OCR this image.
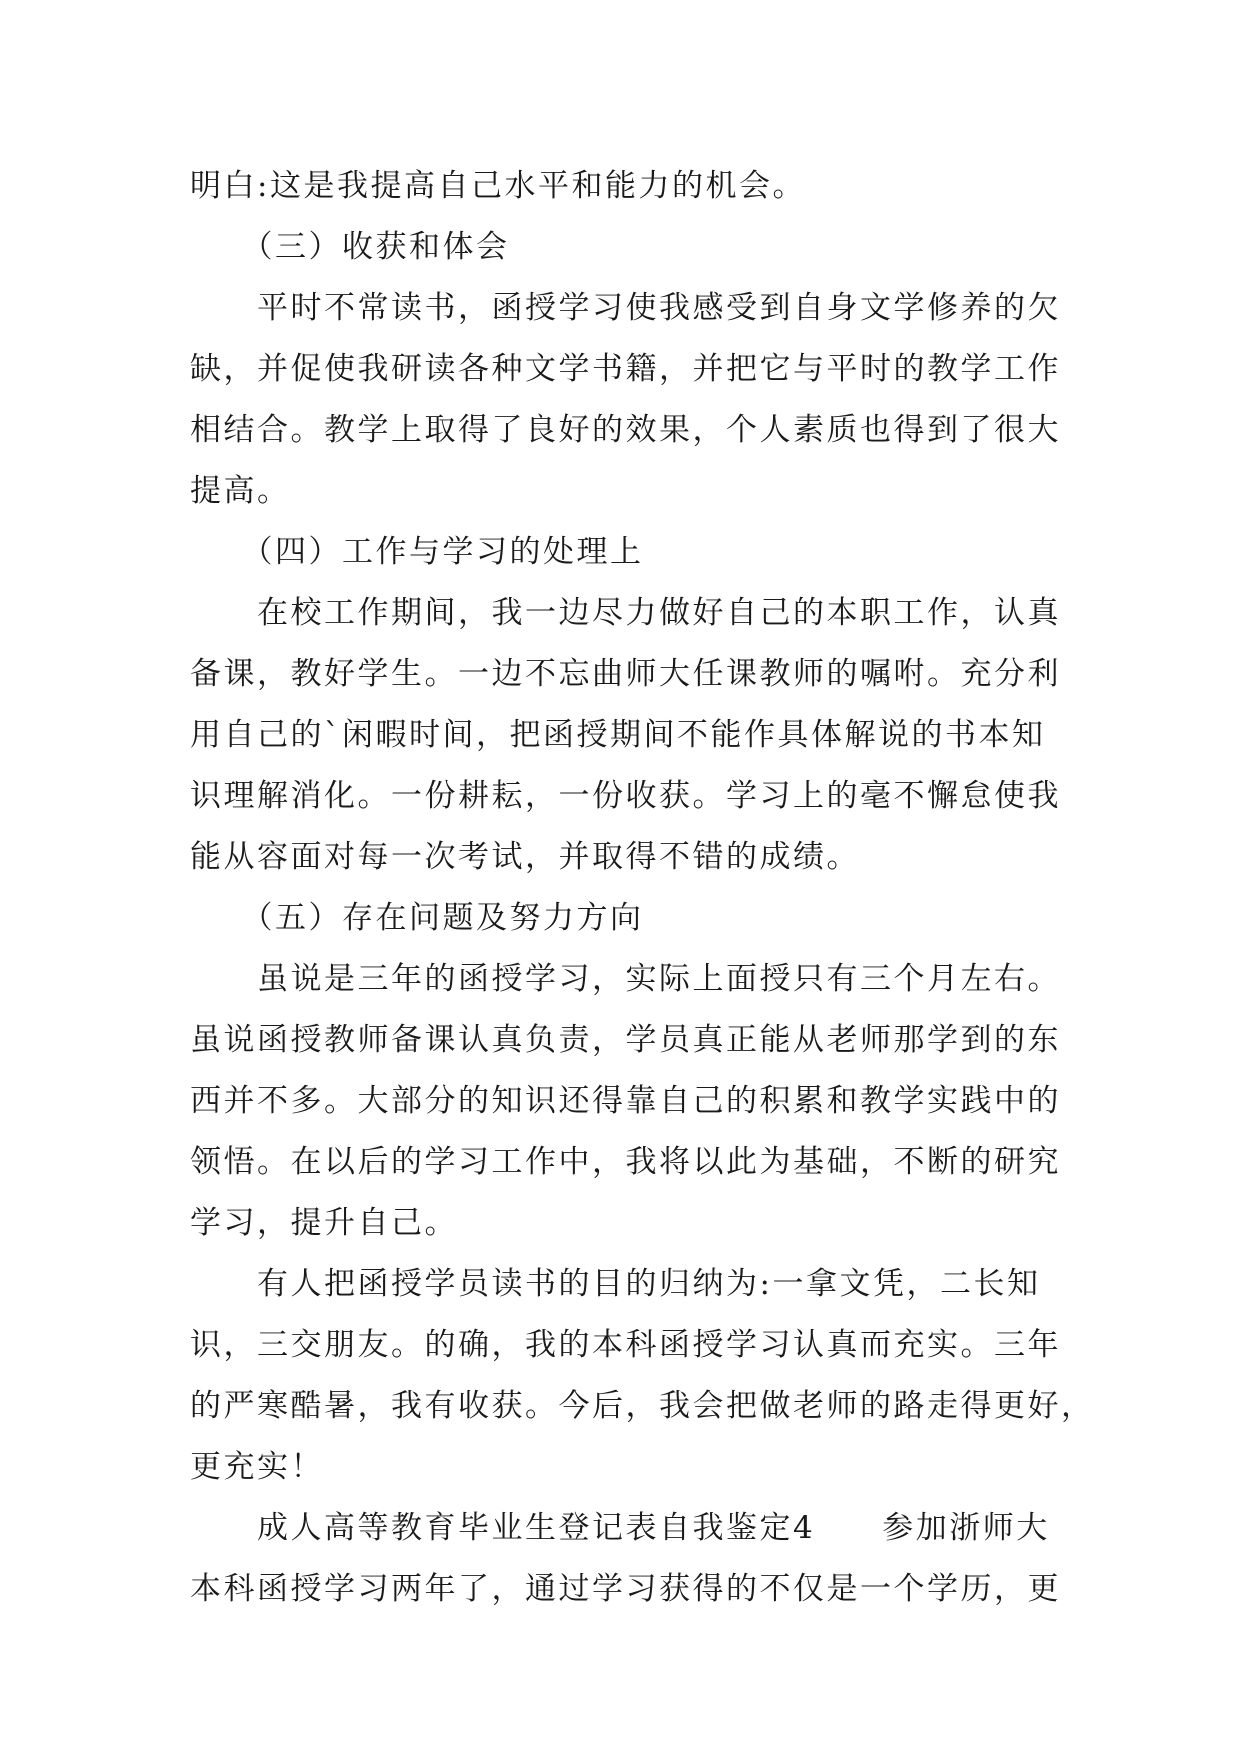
明白:这是我提高自己水平和能力的机会。

　　（三）收获和体会

　　平时不常读书，函授学习使我感受到自身文学修养的欠

缺，并促使我研读各种文学书籍，并把它与平时的教学工作

相结合。教学上取得了良好的效果，个人素质也得到了很大

提高。

　　（四）工作与学习的处理上

　　在校工作期间，我一边尽力做好自己的本职工作，认真

备课，教好学生。一边不忘曲师大任课教师的嘱咐。充分利

用自己的`闲暇时间，把函授期间不能作具体解说的书本知

识理解消化。一份耕耘，一份收获。学习上的毫不懈怠使我

能从容面对每一次考试，并取得不错的成绩。

　　（五）存在问题及努力方向

　　虽说是三年的函授学习，实际上面授只有三个月左右。

虽说函授教师备课认真负责，学员真正能从老师那学到的东

西并不多。大部分的知识还得靠自己的积累和教学实践中的

领悟。在以后的学习工作中，我将以此为基础，不断的研究

学习，提升自己。

　　有人把函授学员读书的目的归纳为:一拿文凭，二长知

识，三交朋友。的确，我的本科函授学习认真而充实。三年

的严寒酷暑，我有收获。今后，我会把做老师的路走得更好，

更充实！

　　成人高等教育毕业生登记表自我鉴定4　　参加浙师大

本科函授学习两年了，通过学习获得的不仅是一个学历，更
